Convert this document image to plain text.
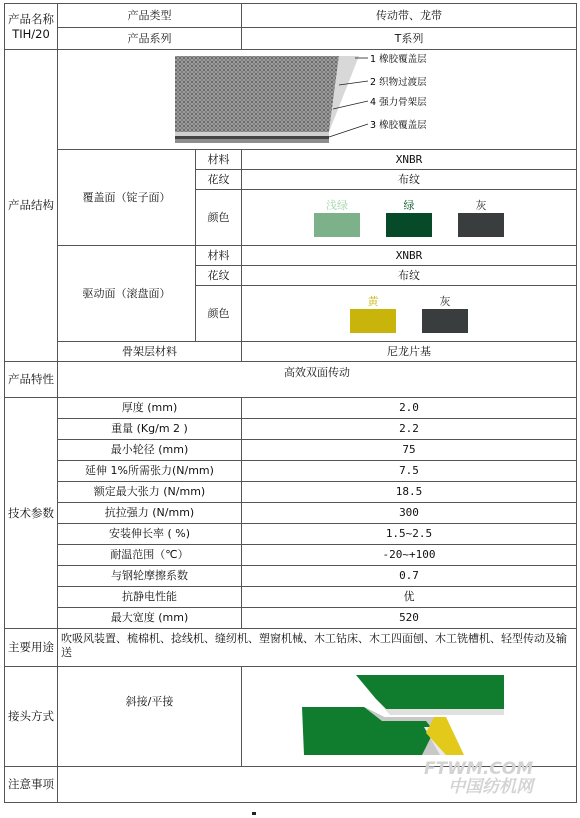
产品名称
TIH/20	产品类型		传动带、龙带
	产品系列		T系列
产品结构	1 橡胶覆盖层
2 织物过渡层
4 强力骨架层
3 橡胶覆盖层		

	覆盖面（锭子面）	材料	XNBR
		花纹	布纹
		颜色	浅绿 绿 灰

	驱动面（滚盘面）	材料	XNBR
		花纹	布纹
		颜色	黄 灰

	骨架层材料		尼龙片基
产品特性	高效双面传动		
技术参数	厚度 (mm)		2.0
	重量 (Kg/m 2 )		2.2
	最小轮径 (mm)		75
	延伸 1%所需张力(N/mm)		7.5
	额定最大张力 (N/mm)		18.5
	抗拉强力 (N/mm)		300
	安装伸长率 ( %)		1.5~2.5
	耐温范围（℃）		-20~+100
	与钢轮摩擦系数		0.7
	抗静电性能		优
	最大宽度 (mm)		520
主要用途	吹吸风装置、梳棉机、捻线机、缝纫机、塑窗机械、木工钻床、木工四面刨、木工铣槽机、轻型传动及输送		
接头方式	斜接/平接	

注意事项			
FTWM.COM
中国纺机网
